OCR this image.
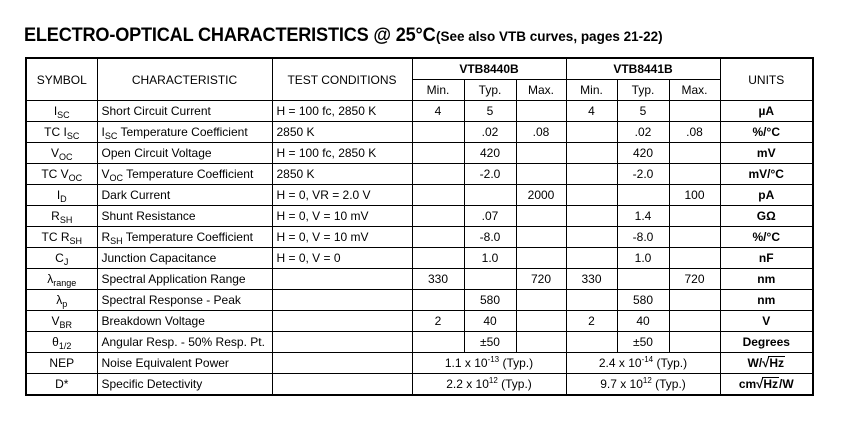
ELECTRO-OPTICAL CHARACTERISTICS @ 25°C (See also VTB curves, pages 21-22)
SYMBOL	CHARACTERISTIC	TEST CONDITIONS	VTB8440B			VTB8441B			UNITS
			Min.	Typ.	Max.	Min.	Typ.	Max.	
$I_{SC}$	Short Circuit Current	H = 100 fc, 2850 K	4	5		4	5		µA
TC $I_{SC}$	$I_{SC}$ Temperature Coefficient	2850 K		.02	.08		.02	.08	%/°C
$V_{OC}$	Open Circuit Voltage	H = 100 fc, 2850 K		420			420		mV
TC $V_{OC}$	$V_{OC}$ Temperature Coefficient	2850 K		-2.0			-2.0		mV/°C
$I_D$	Dark Current	H = 0, VR = 2.0 V			2000			100	pA
$R_{SH}$	Shunt Resistance	H = 0, V = 10 mV		.07			1.4		GΩ
TC $R_{SH}$	$R_{SH}$ Temperature Coefficient	H = 0, V = 10 mV		-8.0			-8.0		%/°C
$C_J$	Junction Capacitance	H = 0, V = 0		1.0			1.0		nF
$\lambda_{range}$	Spectral Application Range		330		720	330		720	nm
$\lambda_p$	Spectral Response - Peak			580			580		nm
$V_{BR}$	Breakdown Voltage		2	40		2	40		V
$\theta_{1/2}$	Angular Resp. - 50% Resp. Pt.			±50			±50		Degrees
NEP	Noise Equivalent Power		1.1 x $10^{-13}$ (Typ.)			2.4 x $10^{-14}$ (Typ.)			W/√Hz
D*	Specific Detectivity		2.2 x $10^{12}$ (Typ.)			9.7 x $10^{12}$ (Typ.)			cm√Hz/W
